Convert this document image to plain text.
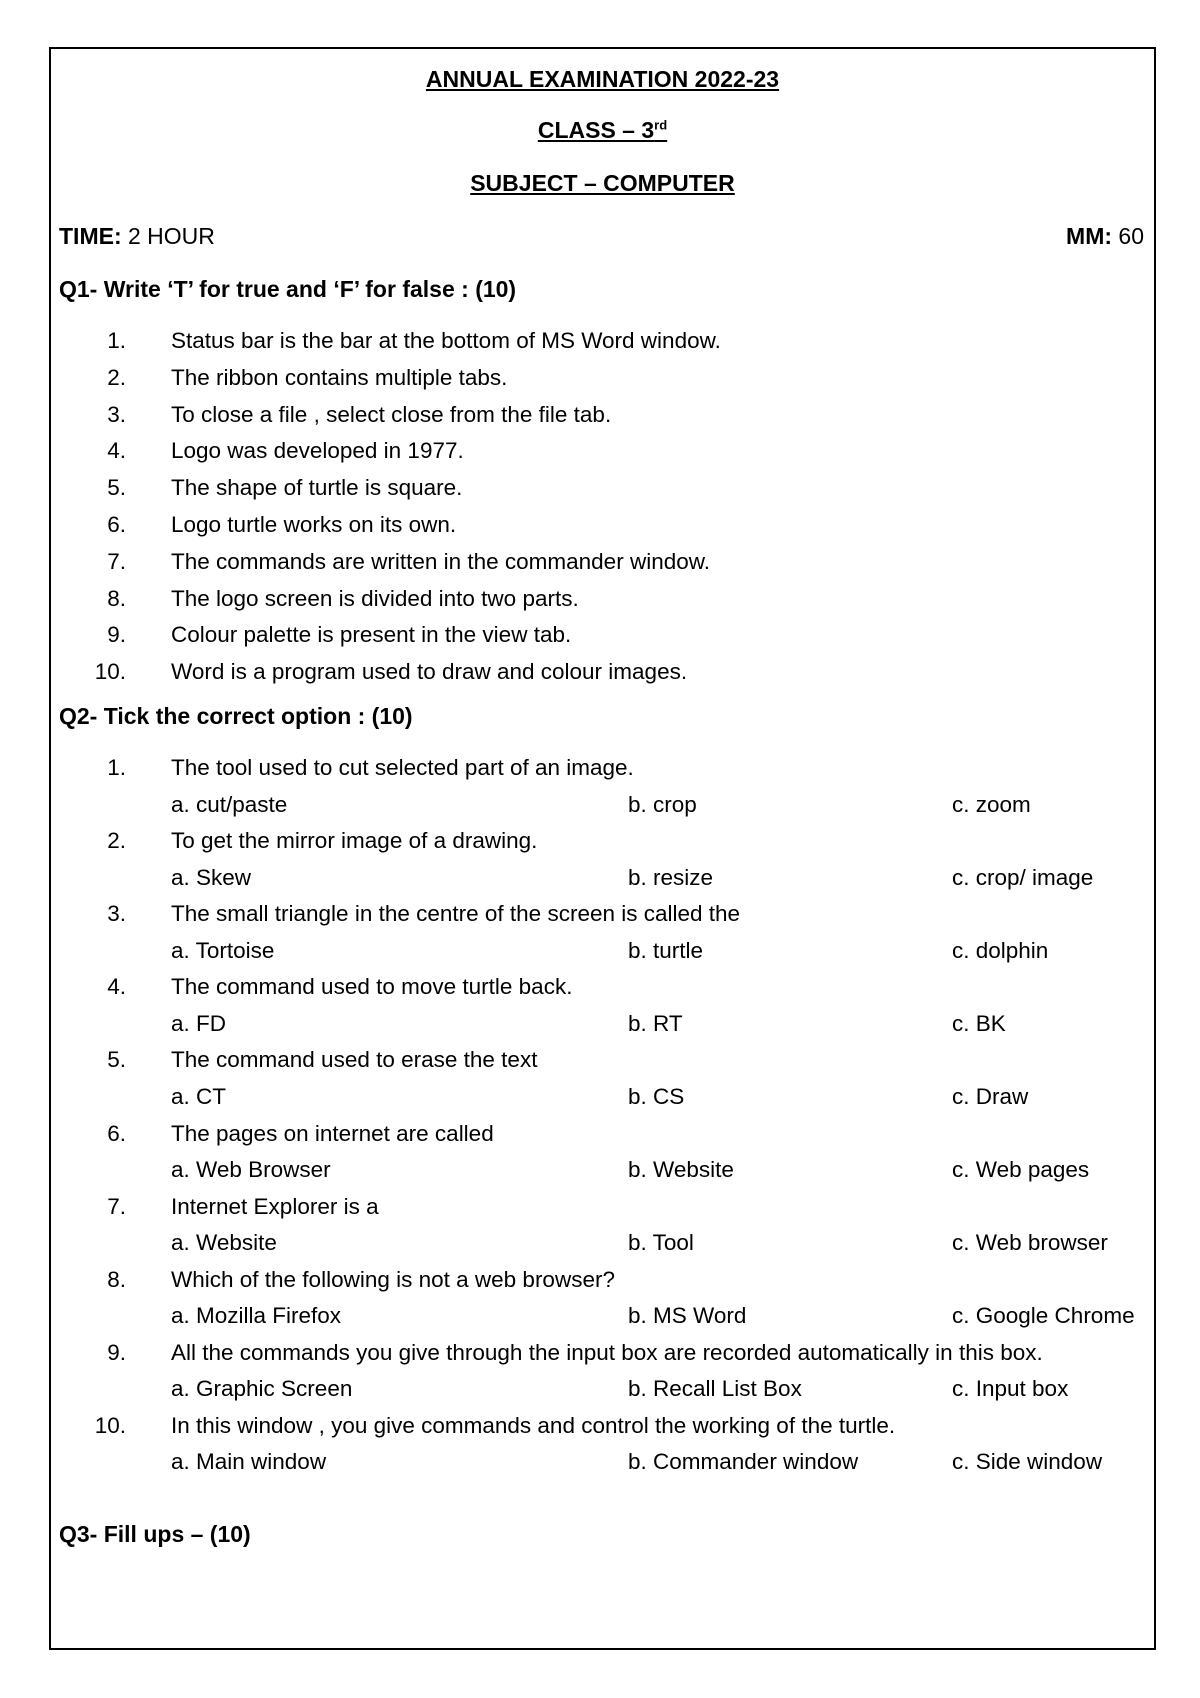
ANNUAL EXAMINATION 2022-23
CLASS – 3rd
SUBJECT – COMPUTER
TIME: 2 HOUR	MM: 60
Q1- Write ‘T’ for true and ‘F’ for false : (10)
1. Status bar is the bar at the bottom of MS Word window.
2. The ribbon contains multiple tabs.
3. To close a file , select close from the file tab.
4. Logo was developed in 1977.
5. The shape of turtle is square.
6. Logo turtle works on its own.
7. The commands are written in the commander window.
8. The logo screen is divided into two parts.
9. Colour palette is present in the view tab.
10. Word is a program used to draw and colour images.
Q2- Tick the correct option : (10)
1. The tool used to cut selected part of an image.
a. cut/paste	b. crop	c. zoom
2. To get the mirror image of a drawing.
a. Skew	b. resize	c. crop/ image
3. The small triangle in the centre of the screen is called the
a. Tortoise	b. turtle	c. dolphin
4. The command used to move turtle back.
a. FD	b. RT	c. BK
5. The command used to erase the text
a. CT	b. CS	c. Draw
6. The pages on internet are called
a. Web Browser	b. Website	c. Web pages
7. Internet Explorer is a
a. Website	b. Tool	c. Web browser
8. Which of the following is not a web browser?
a. Mozilla Firefox	b. MS Word	c. Google Chrome
9. All the commands you give through the input box are recorded automatically in this box.
a. Graphic Screen	b. Recall List Box	c. Input box
10. In this window , you give commands and control the working of the turtle.
a. Main window	b. Commander window	c. Side window
Q3- Fill ups – (10)
